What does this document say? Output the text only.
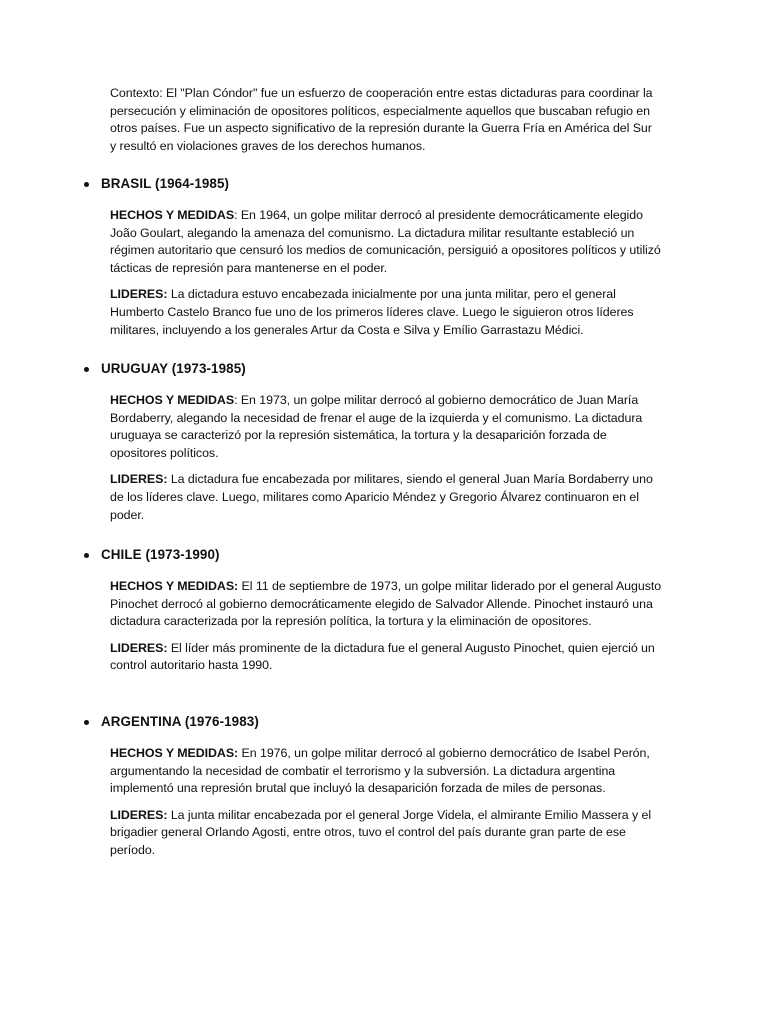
Contexto: El "Plan Cóndor" fue un esfuerzo de cooperación entre estas dictaduras para coordinar la persecución y eliminación de opositores políticos, especialmente aquellos que buscaban refugio en otros países. Fue un aspecto significativo de la represión durante la Guerra Fría en América del Sur y resultó en violaciones graves de los derechos humanos.

BRASIL (1964-1985)

HECHOS Y MEDIDAS: En 1964, un golpe militar derrocó al presidente democráticamente elegido João Goulart, alegando la amenaza del comunismo. La dictadura militar resultante estableció un régimen autoritario que censuró los medios de comunicación, persiguió a opositores políticos y utilizó tácticas de represión para mantenerse en el poder.

LIDERES: La dictadura estuvo encabezada inicialmente por una junta militar, pero el general Humberto Castelo Branco fue uno de los primeros líderes clave. Luego le siguieron otros líderes militares, incluyendo a los generales Artur da Costa e Silva y Emílio Garrastazu Médici.

URUGUAY (1973-1985)

HECHOS Y MEDIDAS: En 1973, un golpe militar derrocó al gobierno democrático de Juan María Bordaberry, alegando la necesidad de frenar el auge de la izquierda y el comunismo. La dictadura uruguaya se caracterizó por la represión sistemática, la tortura y la desaparición forzada de opositores políticos.

LIDERES: La dictadura fue encabezada por militares, siendo el general Juan María Bordaberry uno de los líderes clave. Luego, militares como Aparicio Méndez y Gregorio Álvarez continuaron en el poder.

CHILE (1973-1990)

HECHOS Y MEDIDAS: El 11 de septiembre de 1973, un golpe militar liderado por el general Augusto Pinochet derrocó al gobierno democráticamente elegido de Salvador Allende. Pinochet instauró una dictadura caracterizada por la represión política, la tortura y la eliminación de opositores.

LIDERES: El líder más prominente de la dictadura fue el general Augusto Pinochet, quien ejerció un control autoritario hasta 1990.

ARGENTINA (1976-1983)

HECHOS Y MEDIDAS: En 1976, un golpe militar derrocó al gobierno democrático de Isabel Perón, argumentando la necesidad de combatir el terrorismo y la subversión. La dictadura argentina implementó una represión brutal que incluyó la desaparición forzada de miles de personas.

LIDERES: La junta militar encabezada por el general Jorge Videla, el almirante Emilio Massera y el brigadier general Orlando Agosti, entre otros, tuvo el control del país durante gran parte de ese período.
